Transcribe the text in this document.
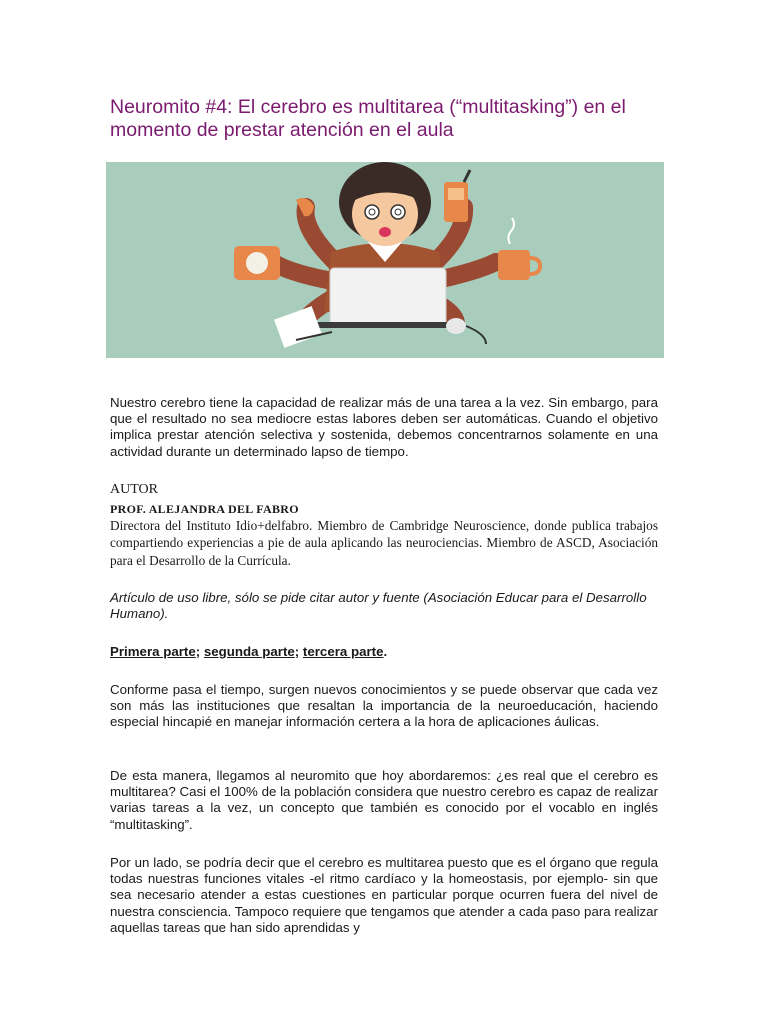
Neuromito #4: El cerebro es multitarea (“multitasking”) en el momento de prestar atención en el aula

Nuestro cerebro tiene la capacidad de realizar más de una tarea a la vez. Sin embargo, para que el resultado no sea mediocre estas labores deben ser automáticas. Cuando el objetivo implica prestar atención selectiva y sostenida, debemos concentrarnos solamente en una actividad durante un determinado lapso de tiempo.

AUTOR

PROF. ALEJANDRA DEL FABRO

Directora del Instituto Idio+delfabro. Miembro de Cambridge Neuroscience, donde publica trabajos compartiendo experiencias a pie de aula aplicando las neurociencias. Miembro de ASCD, Asociación para el Desarrollo de la Currícula.

Artículo de uso libre, sólo se pide citar autor y fuente (Asociación Educar para el Desarrollo Humano).

Primera parte; segunda parte; tercera parte.

Conforme pasa el tiempo, surgen nuevos conocimientos y se puede observar que cada vez son más las instituciones que resaltan la importancia de la neuroeducación, haciendo especial hincapié en manejar información certera a la hora de aplicaciones áulicas.

De esta manera, llegamos al neuromito que hoy abordaremos: ¿es real que el cerebro es multitarea? Casi el 100% de la población considera que nuestro cerebro es capaz de realizar varias tareas a la vez, un concepto que también es conocido por el vocablo en inglés “multitasking”.

Por un lado, se podría decir que el cerebro es multitarea puesto que es el órgano que regula todas nuestras funciones vitales -el ritmo cardíaco y la homeostasis, por ejemplo- sin que sea necesario atender a estas cuestiones en particular porque ocurren fuera del nivel de nuestra consciencia. Tampoco requiere que tengamos que atender a cada paso para realizar aquellas tareas que han sido aprendidas y
